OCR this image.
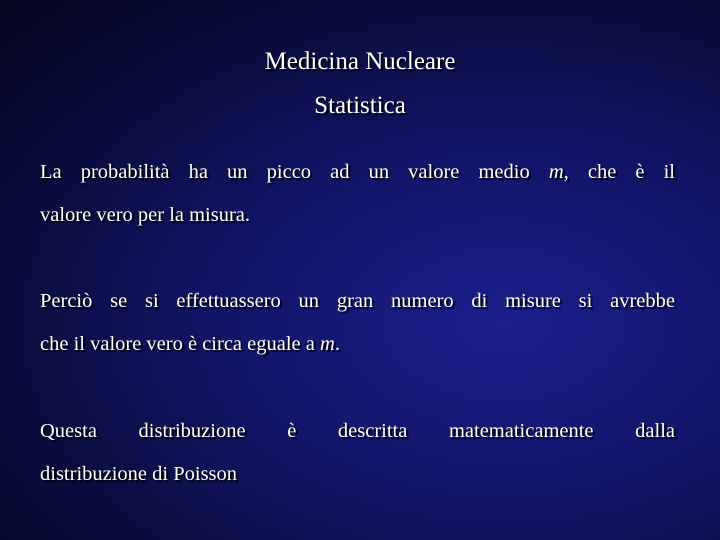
Medicina Nucleare
Statistica
La probabilità ha un picco ad un valore medio m, che è il
valore vero per la misura.
Perciò se si effettuassero un gran numero di misure si avrebbe
che il valore vero è circa eguale a m.
Questa distribuzione è descritta matematicamente dalla
distribuzione di Poisson
